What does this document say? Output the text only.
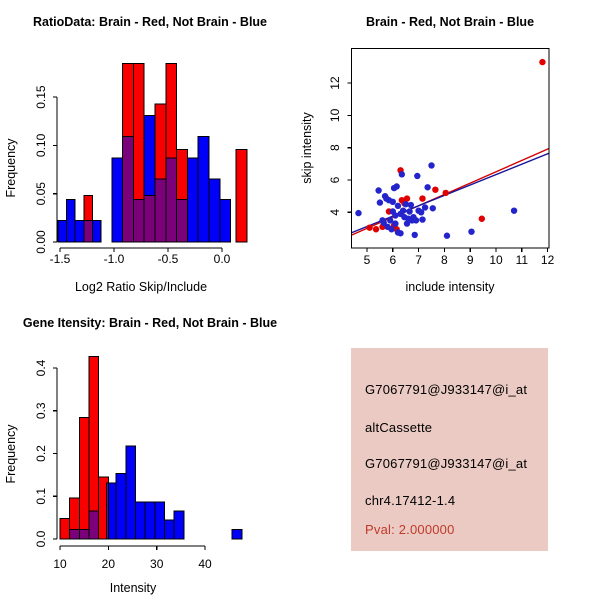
-1.5	-1.0	-0.5	0.0
0.00
0.05
0.10
0.15
RatioData: Brain - Red, Not Brain - Blue
Log2 Ratio Skip/Include
Frequency
5 6 7 8 9 10 11 12
4
6
8
10
12
Brain - Red, Not Brain - Blue
include intensity
skip intensity
10	20	30	40
0.0
0.1
0.2
0.3
0.4
Gene Itensity: Brain - Red, Not Brain - Blue
Intensity
Frequency
G7067791@J933147@i_at
altCassette
G7067791@J933147@i_at
chr4.17412-1.4
Pval: 2.000000
